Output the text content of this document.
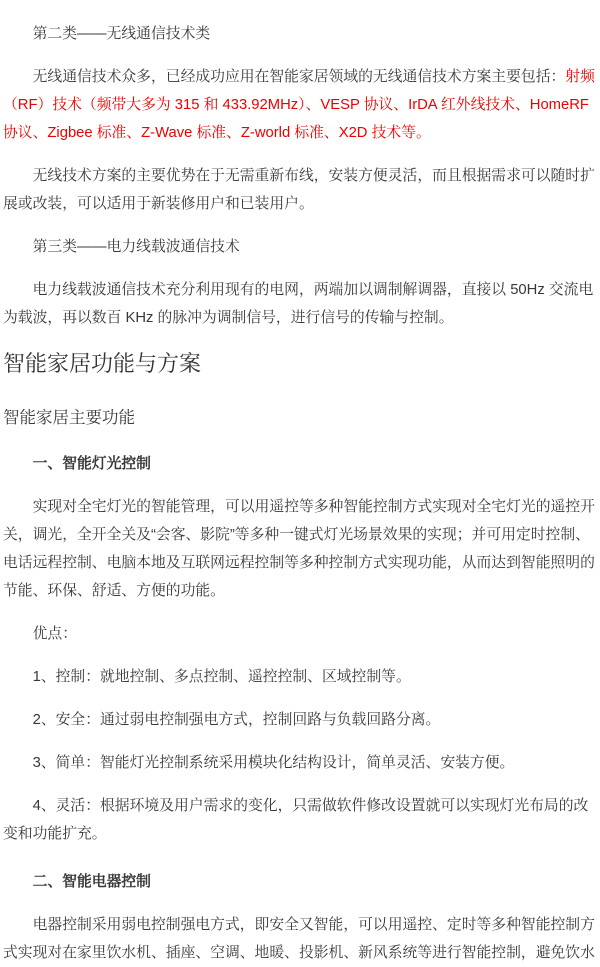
第二类——无线通信技术类

无线通信技术众多，已经成功应用在智能家居领域的无线通信技术方案主要包括：射频（RF）技术（频带大多为 315 和 433.92MHz）、VESP 协议、IrDA 红外线技术、HomeRF 协议、Zigbee 标准、Z-Wave 标准、Z-world 标准、X2D 技术等。

无线技术方案的主要优势在于无需重新布线，安装方便灵活，而且根据需求可以随时扩展或改装，可以适用于新装修用户和已装用户。

第三类——电力线载波通信技术

电力线载波通信技术充分利用现有的电网，两端加以调制解调器，直接以 50Hz 交流电为载波，再以数百 KHz 的脉冲为调制信号，进行信号的传输与控制。

智能家居功能与方案
智能家居主要功能

一、智能灯光控制

实现对全宅灯光的智能管理，可以用遥控等多种智能控制方式实现对全宅灯光的遥控开关，调光，全开全关及“会客、影院”等多种一键式灯光场景效果的实现；并可用定时控制、电话远程控制、电脑本地及互联网远程控制等多种控制方式实现功能，从而达到智能照明的节能、环保、舒适、方便的功能。

优点：

1、控制：就地控制、多点控制、遥控控制、区域控制等。

2、安全：通过弱电控制强电方式，控制回路与负载回路分离。

3、简单：智能灯光控制系统采用模块化结构设计，简单灵活、安装方便。

4、灵活：根据环境及用户需求的变化，只需做软件修改设置就可以实现灯光布局的改变和功能扩充。

二、智能电器控制

电器控制采用弱电控制强电方式，即安全又智能，可以用遥控、定时等多种智能控制方式实现对在家里饮水机、插座、空调、地暖、投影机、新风系统等进行智能控制，避免饮水
